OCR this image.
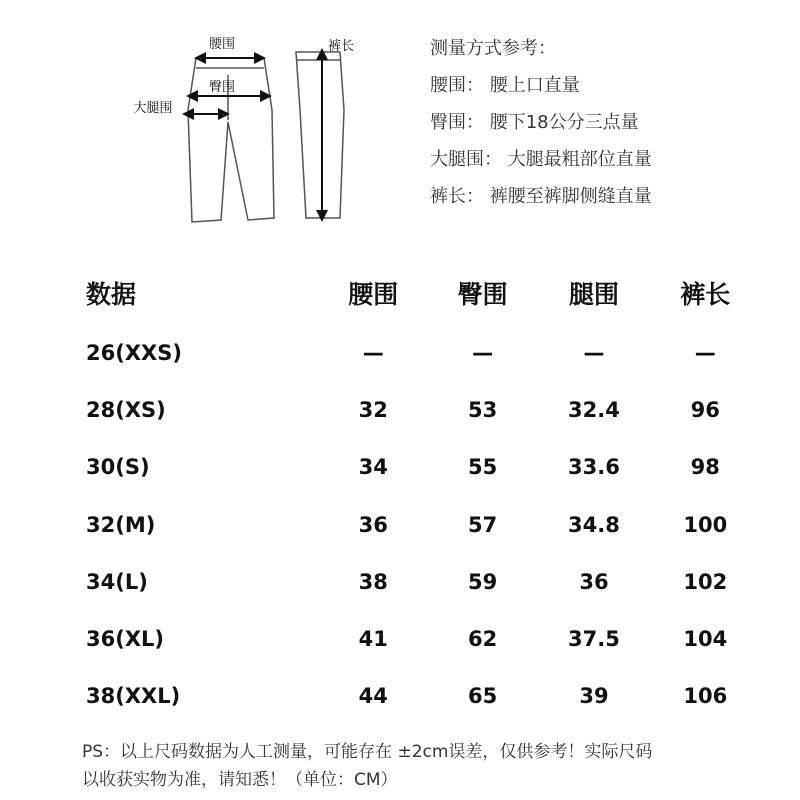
腰围
臀围
大腿围
裤长	测量方式参考：
腰围： 腰上口直量
臀围： 腰下18公分三点量
大腿围： 大腿最粗部位直量
裤长： 裤腰至裤脚侧缝直量
数据	腰围	臀围	腿围	裤长
26(XXS)	—	—	—	—
28(XS)	32	53	32.4	96
30(S)	34	55	33.6	98
32(M)	36	57	34.8	100
34(L)	38	59	36	102
36(XL)	41	62	37.5	104
38(XXL)	44	65	39	106
PS：以上尺码数据为人工测量，可能存在 ±2cm误差，仅供参考！实际尺码
以收获实物为准，请知悉！（单位：CM）
